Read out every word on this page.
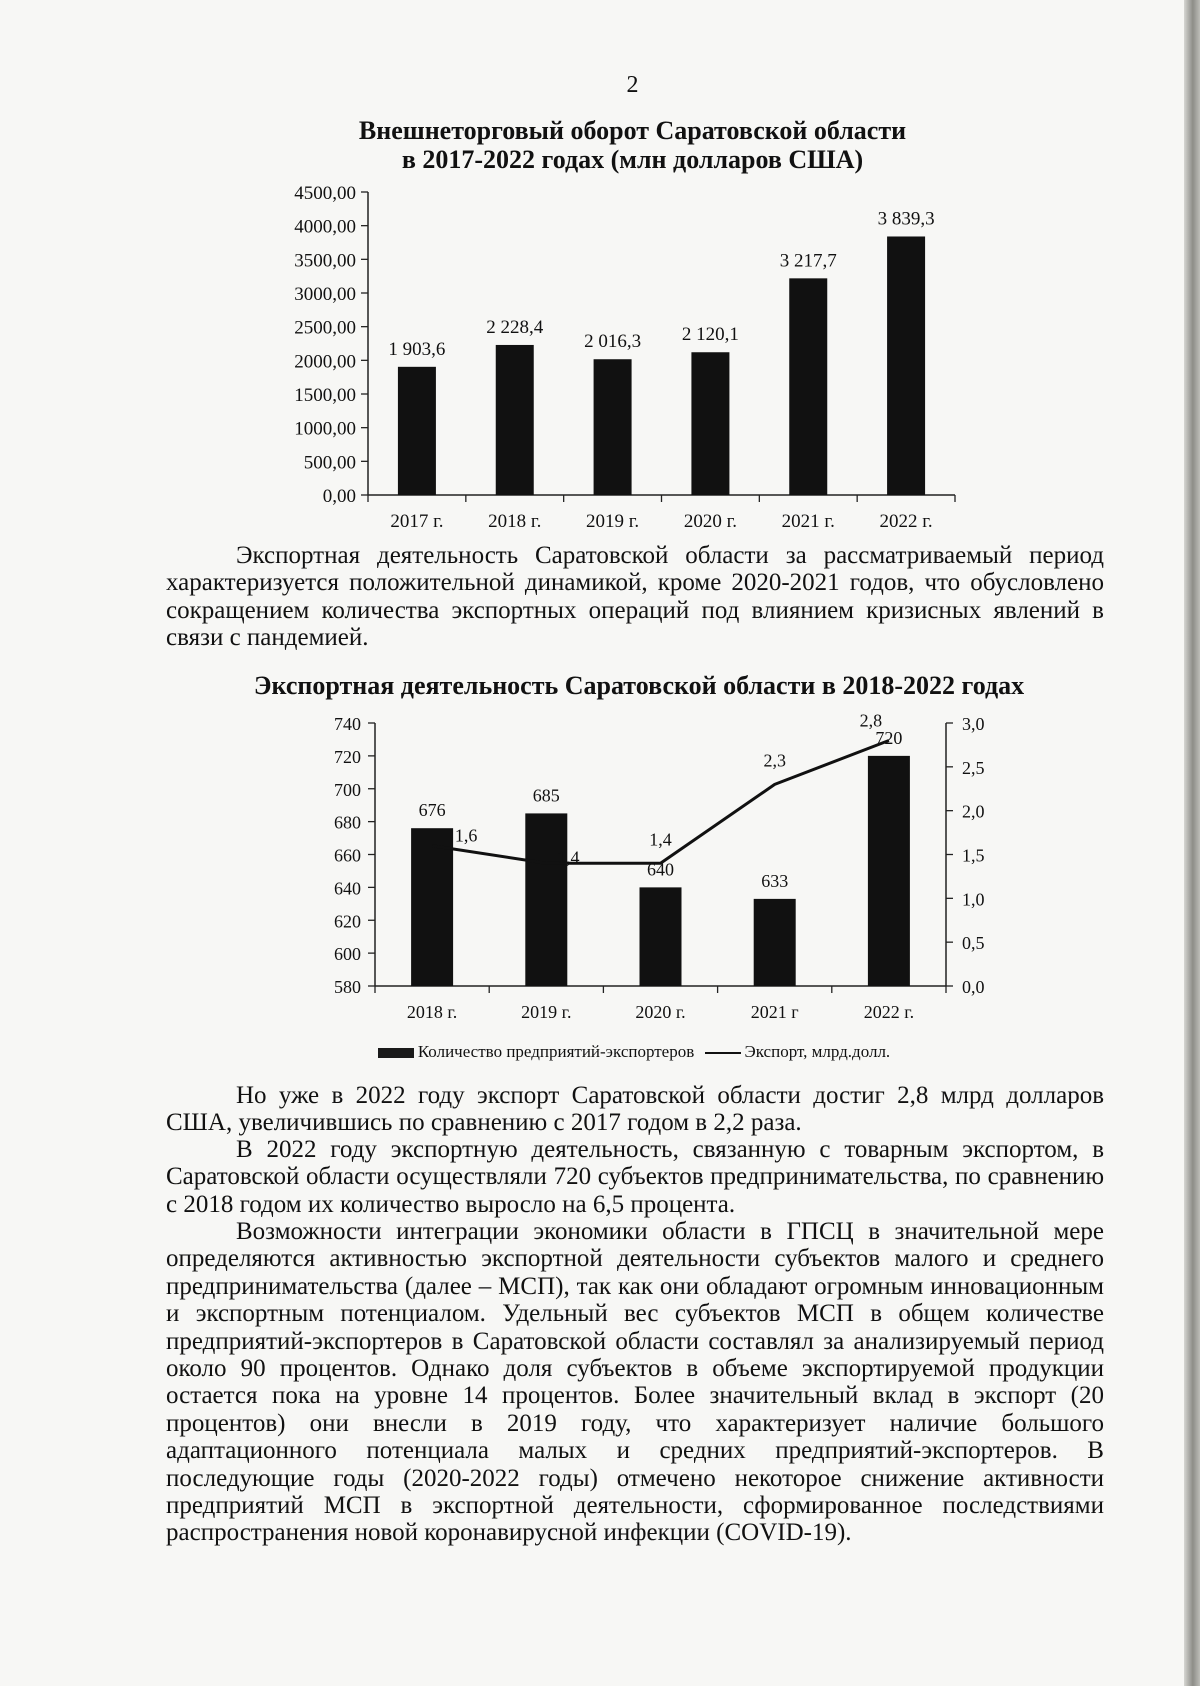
2
Внешнеторговый оборот Саратовской области
в 2017-2022 годах (млн долларов США)
0,00
500,00
1000,00
1500,00
2000,00
2500,00
3000,00
3500,00
4000,00
4500,00
1 903,6
2017 г.
2 228,4
2018 г.
2 016,3
2019 г.
2 120,1
2020 г.
3 217,7
2021 г.
3 839,3
2022 г.

Экспортная деятельность Саратовской области за рассматриваемый период характеризуется положительной динамикой, кроме 2020-2021 годов, что обусловлено сокращением количества экспортных операций под влиянием кризисных явлений в связи с пандемией.

Экспортная деятельность Саратовской области в 2018-2022 годах
580
600
620
640
660
680
700
720
740
0,0
0,5
1,0
1,5
2,0
2,5
3,0
676
2018 г.
685
2019 г.
640
2020 г.
633
2021 г
720
2022 г.
1,6
1,4
1,4
2,3
2,8
Количество предприятий-экспортеров	Экспорт, млрд.долл.

Но уже в 2022 году экспорт Саратовской области достиг 2,8 млрд долларов США, увеличившись по сравнению с 2017 годом в 2,2 раза.

В 2022 году экспортную деятельность, связанную с товарным экспортом, в Саратовской области осуществляли 720 субъектов предпринимательства, по сравнению с 2018 годом их количество выросло на 6,5 процента.

Возможности интеграции экономики области в ГПСЦ в значительной мере определяются активностью экспортной деятельности субъектов малого и среднего предпринимательства (далее – МСП), так как они обладают огромным инновационным и экспортным потенциалом. Удельный вес субъектов МСП в общем количестве предприятий-экспортеров в Саратовской области составлял за анализируемый период около 90 процентов. Однако доля субъектов в объеме экспортируемой продукции остается пока на уровне 14 процентов. Более значительный вклад в экспорт (20 процентов) они внесли в 2019 году, что характеризует наличие большого адаптационного потенциала малых и средних предприятий-экспортеров. В последующие годы (2020-2022 годы) отмечено некоторое снижение активности предприятий МСП в экспортной деятельности, сформированное последствиями распространения новой коронавирусной инфекции (COVID-19).
